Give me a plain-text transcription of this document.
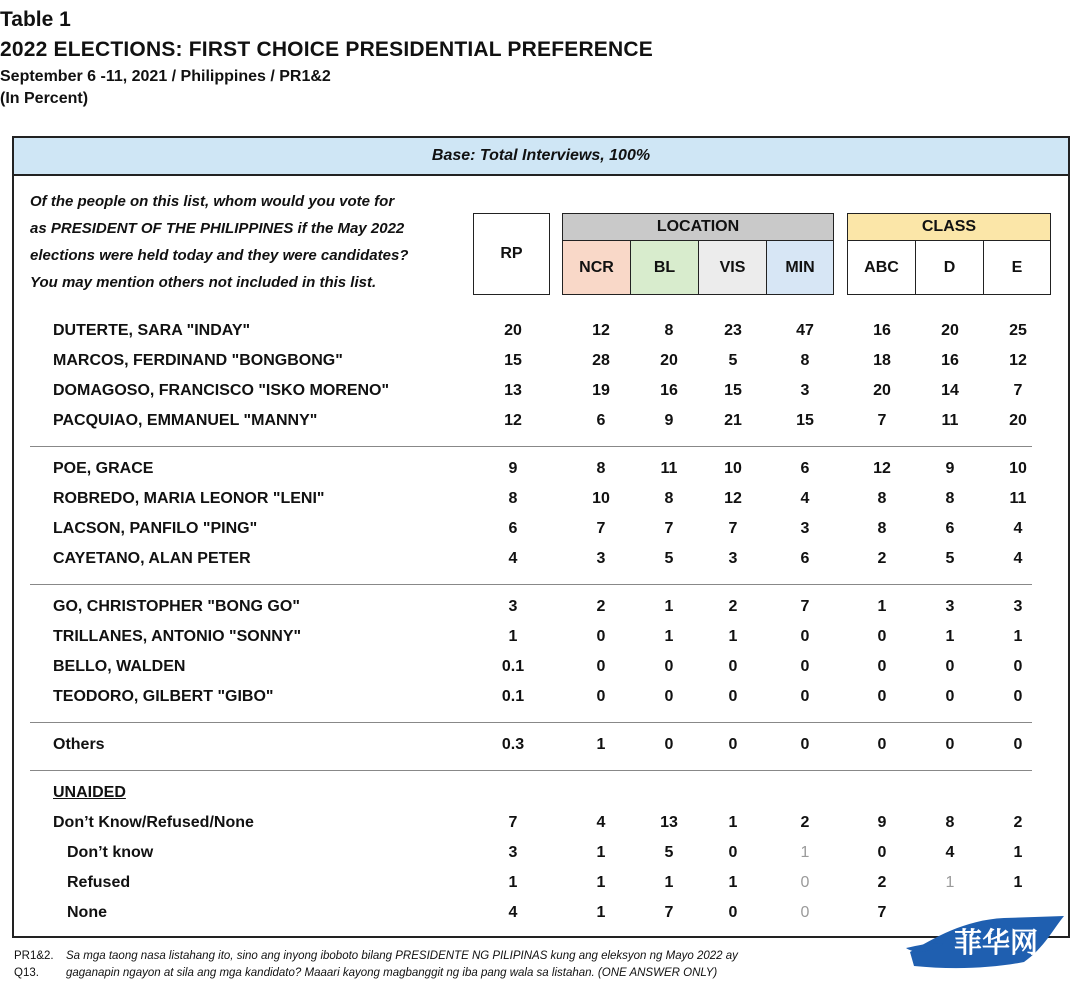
Table 1
2022 ELECTIONS: FIRST CHOICE PRESIDENTIAL PREFERENCE
September 6 -11, 2021 / Philippines / PR1&2
(In Percent)
Base: Total Interviews, 100%
Of the people on this list, whom would you vote for
as PRESIDENT OF THE PHILIPPINES if the May 2022
elections were held today and they were candidates?
You may mention others not included in this list.
RP
LOCATION
NCR	BL	VIS	MIN
CLASS
ABC	D	E
DUTERTE, SARA "INDAY"	20	12	8	23	47	16	20	25
MARCOS, FERDINAND "BONGBONG"	15	28	20	5	8	18	16	12
DOMAGOSO, FRANCISCO "ISKO MORENO"	13	19	16	15	3	20	14	7
PACQUIAO, EMMANUEL "MANNY"	12	6	9	21	15	7	11	20
POE, GRACE	9	8	11	10	6	12	9	10
ROBREDO, MARIA LEONOR "LENI"	8	10	8	12	4	8	8	11
LACSON, PANFILO "PING"	6	7	7	7	3	8	6	4
CAYETANO, ALAN PETER	4	3	5	3	6	2	5	4
GO, CHRISTOPHER "BONG GO"	3	2	1	2	7	1	3	3
TRILLANES, ANTONIO "SONNY"	1	0	1	1	0	0	1	1
BELLO, WALDEN	0.1	0	0	0	0	0	0	0
TEODORO, GILBERT "GIBO"	0.1	0	0	0	0	0	0	0
Others	0.3	1	0	0	0	0	0	0
UNAIDED
Don’t Know/Refused/None	7	4	13	1	2	9	8	2
Don’t know	3	1	5	0	1	0	4	1
Refused	1	1	1	1	0	2	1	1
None	4	1	7	0	0	7
PR1&2. Sa mga taong nasa listahang ito, sino ang inyong iboboto bilang PRESIDENTE NG PILIPINAS kung ang eleksyon ng Mayo 2022 ay
Q13. gaganapin ngayon at sila ang mga kandidato? Maaari kayong magbanggit ng iba pang wala sa listahan. (ONE ANSWER ONLY)
菲华网
